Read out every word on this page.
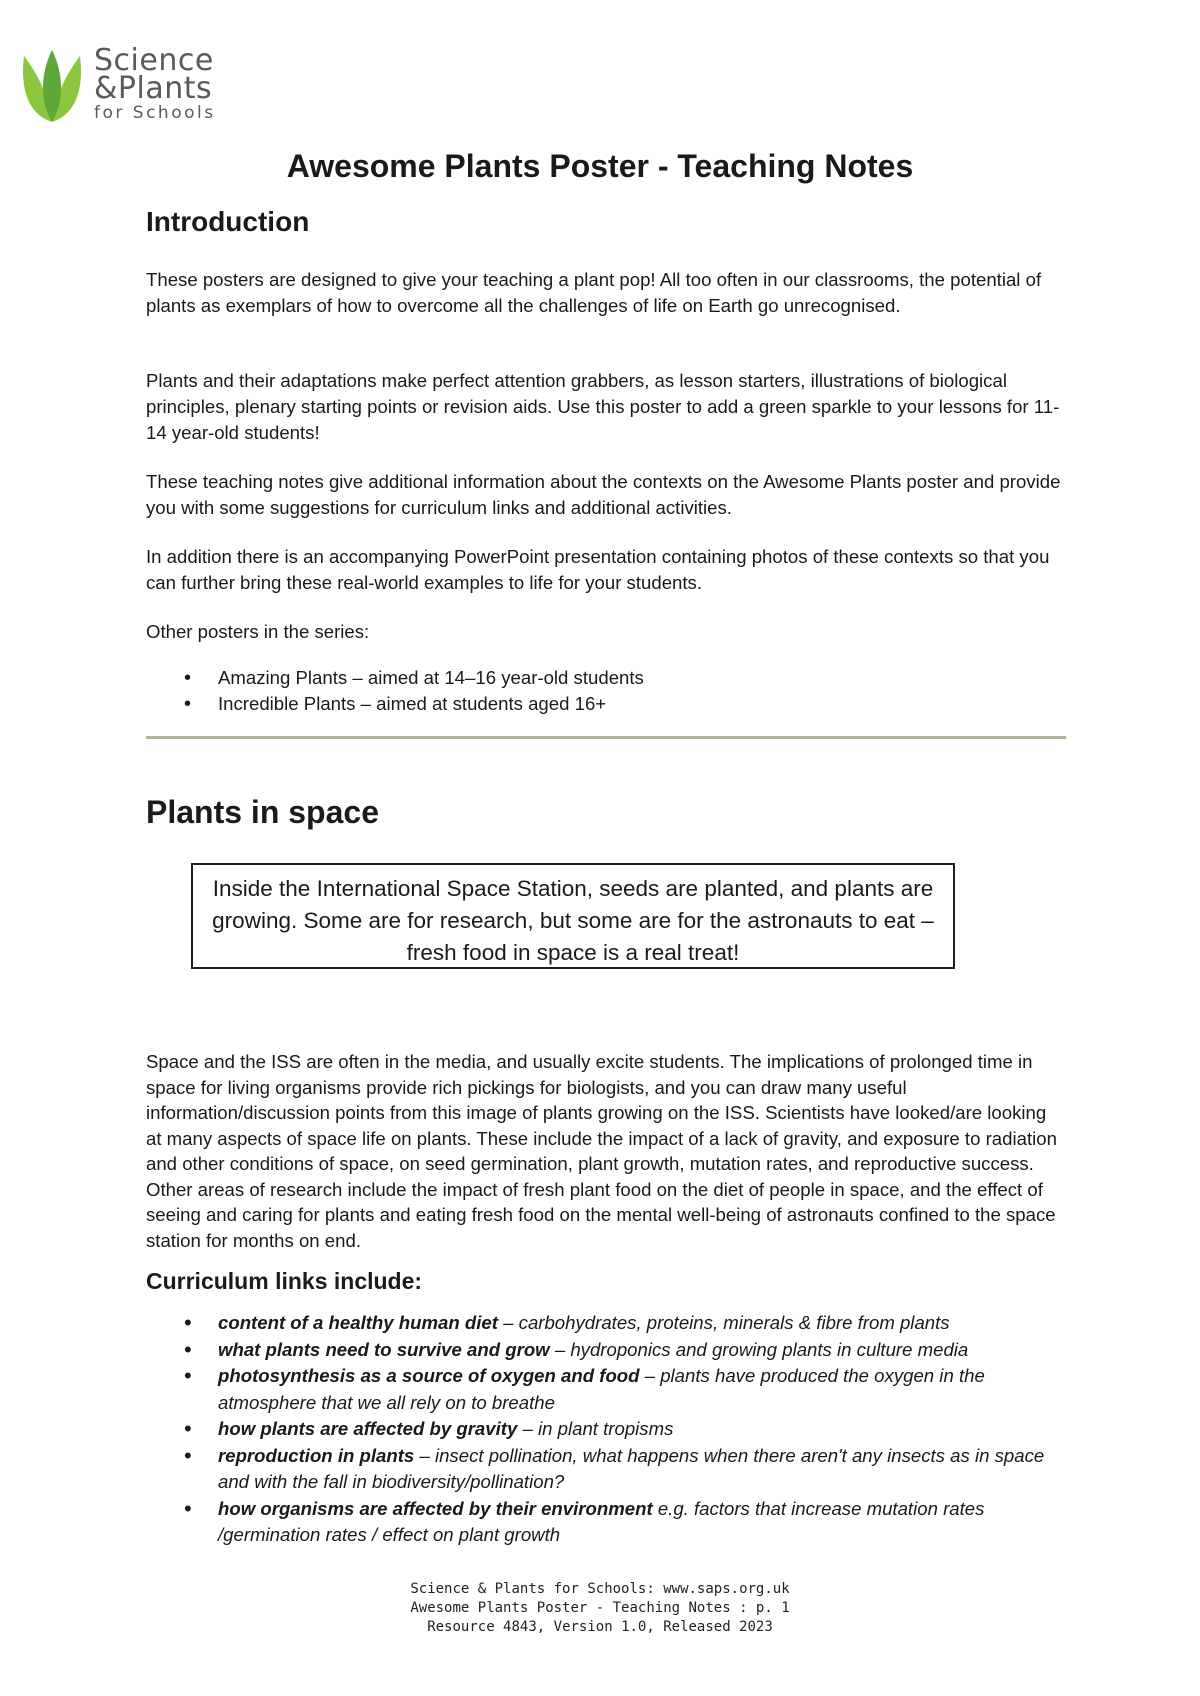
Science
&Plants
for Schools
Awesome Plants Poster - Teaching Notes
Introduction

These posters are designed to give your teaching a plant pop! All too often in our classrooms, the potential of plants as exemplars of how to overcome all the challenges of life on Earth go unrecognised.

Plants and their adaptations make perfect attention grabbers, as lesson starters, illustrations of biological principles, plenary starting points or revision aids. Use this poster to add a green sparkle to your lessons for 11-14 year-old students!

These teaching notes give additional information about the contexts on the Awesome Plants poster and provide you with some suggestions for curriculum links and additional activities.

In addition there is an accompanying PowerPoint presentation containing photos of these contexts so that you can further bring these real-world examples to life for your students.

Other posters in the series:

• Amazing Plants – aimed at 14–16 year-old students
• Incredible Plants – aimed at students aged 16+
Plants in space
Inside the International Space Station, seeds are planted, and plants are growing. Some are for research, but some are for the astronauts to eat – fresh food in space is a real treat!

Space and the ISS are often in the media, and usually excite students. The implications of prolonged time in space for living organisms provide rich pickings for biologists, and you can draw many useful information/discussion points from this image of plants growing on the ISS. Scientists have looked/are looking at many aspects of space life on plants. These include the impact of a lack of gravity, and exposure to radiation and other conditions of space, on seed germination, plant growth, mutation rates, and reproductive success. Other areas of research include the impact of fresh plant food on the diet of people in space, and the effect of seeing and caring for plants and eating fresh food on the mental well-being of astronauts confined to the space station for months on end.

Curriculum links include:
• content of a healthy human diet – carbohydrates, proteins, minerals & fibre from plants
• what plants need to survive and grow – hydroponics and growing plants in culture media
• photosynthesis as a source of oxygen and food – plants have produced the oxygen in the atmosphere that we all rely on to breathe
• how plants are affected by gravity – in plant tropisms
• reproduction in plants – insect pollination, what happens when there aren't any insects as in space and with the fall in biodiversity/pollination?
• how organisms are affected by their environment e.g. factors that increase mutation rates /germination rates / effect on plant growth
Science & Plants for Schools: www.saps.org.uk
Awesome Plants Poster - Teaching Notes : p. 1
Resource 4843, Version 1.0, Released 2023
